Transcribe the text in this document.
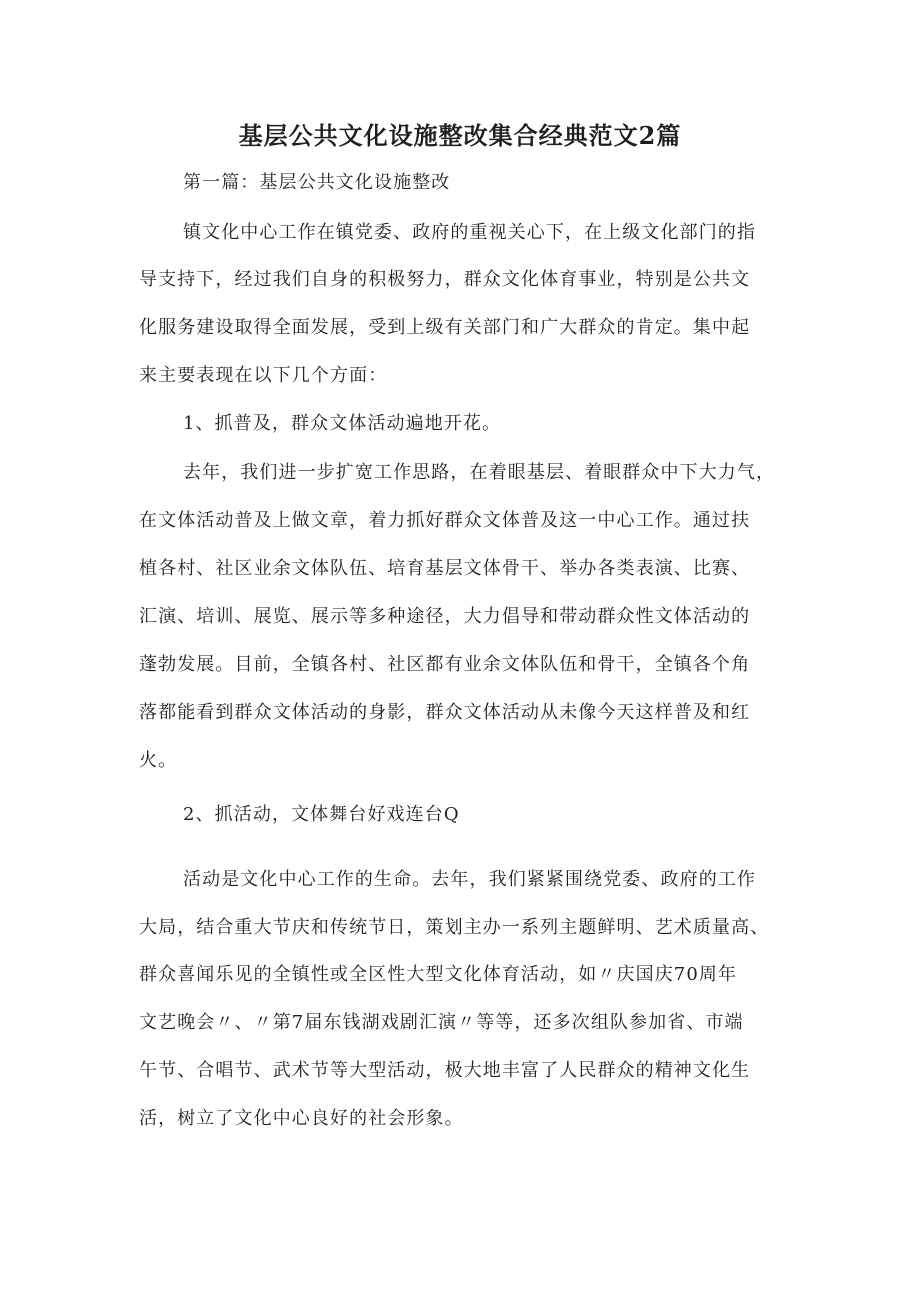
基层公共文化设施整改集合经典范文2篇

第一篇：基层公共文化设施整改

镇文化中心工作在镇党委、政府的重视关心下，在上级文化部门的指

导支持下，经过我们自身的积极努力，群众文化体育事业，特别是公共文

化服务建设取得全面发展，受到上级有关部门和广大群众的肯定。集中起

来主要表现在以下几个方面：

1、抓普及，群众文体活动遍地开花。

去年，我们进一步扩宽工作思路，在着眼基层、着眼群众中下大力气，

在文体活动普及上做文章，着力抓好群众文体普及这一中心工作。通过扶

植各村、社区业余文体队伍、培育基层文体骨干、举办各类表演、比赛、

汇演、培训、展览、展示等多种途径，大力倡导和带动群众性文体活动的

蓬勃发展。目前，全镇各村、社区都有业余文体队伍和骨干，全镇各个角

落都能看到群众文体活动的身影，群众文体活动从未像今天这样普及和红

火。

2、抓活动，文体舞台好戏连台Q

活动是文化中心工作的生命。去年，我们紧紧围绕党委、政府的工作

大局，结合重大节庆和传统节日，策划主办一系列主题鲜明、艺术质量高、

群众喜闻乐见的全镇性或全区性大型文化体育活动，如〃庆国庆70周年

文艺晚会〃、〃第7届东钱湖戏剧汇演〃等等，还多次组队参加省、市端

午节、合唱节、武术节等大型活动，极大地丰富了人民群众的精神文化生

活，树立了文化中心良好的社会形象。
